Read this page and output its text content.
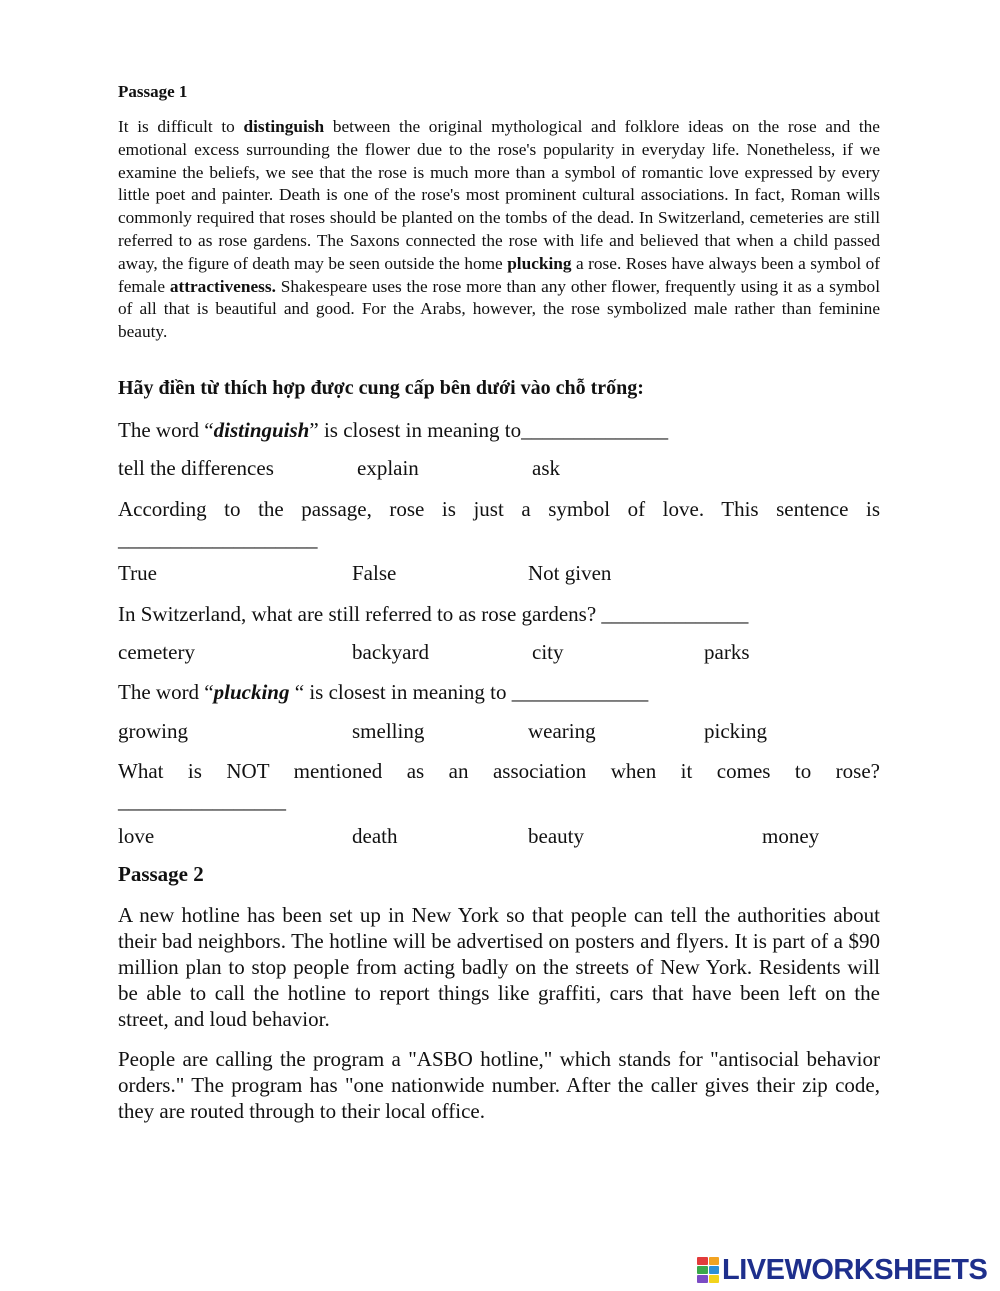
Passage 1

It is difficult to distinguish between the original mythological and folklore ideas on the rose and the emotional excess surrounding the flower due to the rose's popularity in everyday life. Nonetheless, if we examine the beliefs, we see that the rose is much more than a symbol of romantic love expressed by every little poet and painter. Death is one of the rose's most prominent cultural associations. In fact, Roman wills commonly required that roses should be planted on the tombs of the dead. In Switzerland, cemeteries are still referred to as rose gardens. The Saxons connected the rose with life and believed that when a child passed away, the figure of death may be seen outside the home plucking a rose. Roses have always been a symbol of female attractiveness. Shakespeare uses the rose more than any other flower, frequently using it as a symbol of all that is beautiful and good. For the Arabs, however, the rose symbolized male rather than feminine beauty.

Hãy điền từ thích hợp được cung cấp bên dưới vào chỗ trống:
The word “distinguish” is closest in meaning to______________
tell the differences	explain	ask
According to the passage, rose is just a symbol of love. This sentence is
___________________
True	False	Not given
In Switzerland, what are still referred to as rose gardens? ______________
cemetery	backyard	city	parks
The word “plucking “ is closest in meaning to _____________
growing	smelling	wearing	picking
What is NOT mentioned as an association when it comes to rose?
________________
love	death	beauty	money
Passage 2

A new hotline has been set up in New York so that people can tell the authorities about their bad neighbors. The hotline will be advertised on posters and flyers. It is part of a $90 million plan to stop people from acting badly on the streets of New York. Residents will be able to call the hotline to report things like graffiti, cars that have been left on the street, and loud behavior.

People are calling the program a "ASBO hotline," which stands for "antisocial behavior orders." The program has "one nationwide number. After the caller gives their zip code, they are routed through to their local office.

LIVEWORKSHEETS
